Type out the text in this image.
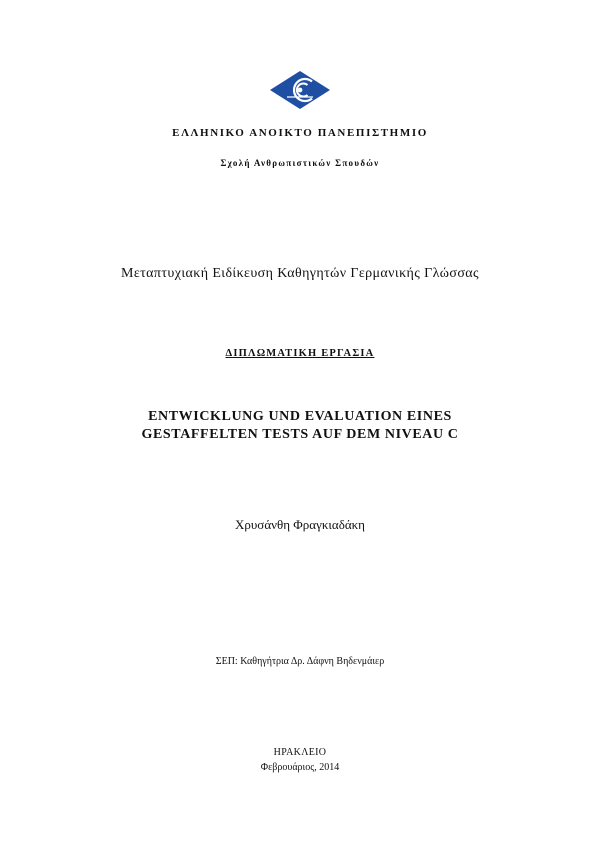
ΕΛΛΗΝΙΚΟ ΑΝΟΙΚΤΟ ΠΑΝΕΠΙΣΤΗΜΙΟ
Σχολή Ανθρωπιστικών Σπουδών
Μεταπτυχιακή Ειδίκευση Καθηγητών Γερμανικής Γλώσσας
ΔΙΠΛΩΜΑΤΙΚΗ ΕΡΓΑΣΙΑ
ENTWICKLUNG UND EVALUATION EINES
GESTAFFELTEN TESTS AUF DEM NIVEAU C
Χρυσάνθη Φραγκιαδάκη
ΣΕΠ: Καθηγήτρια Δρ. Δάφνη Βηδενμάιερ
ΗΡΑΚΛΕΙΟ
Φεβρουάριος, 2014
